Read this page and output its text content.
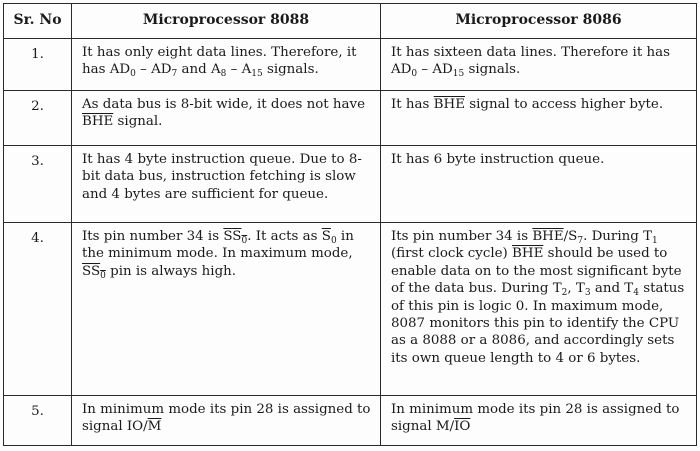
Sr. No	Microprocessor 8088	Microprocessor 8086
1.	It has only eight data lines. Therefore, it has $AD_0 - AD_7$ and $A_8 - A_{15}$ signals.	It has sixteen data lines. Therefore it has $AD_0 - AD_{15}$ signals.
2.	As data bus is 8-bit wide, it does not have $\overline{BHE}$ signal.	It has $\overline{BHE}$ signal to access higher byte.
3.	It has 4 byte instruction queue. Due to 8-bit data bus, instruction fetching is slow and 4 bytes are sufficient for queue.	It has 6 byte instruction queue.
4.	Its pin number 34 is $\overline{SS}_0$. It acts as $\overline{S}_0$ in the minimum mode. In maximum mode, $\overline{SS}_0$ pin is always high.	Its pin number 34 is $\overline{BHE}/S_7$. During $T_1$ (first clock cycle) $\overline{BHE}$ should be used to enable data on to the most significant byte of the data bus. During $T_2$, $T_3$ and $T_4$ status of this pin is logic 0. In maximum mode, 8087 monitors this pin to identify the CPU as a 8088 or a 8086, and accordingly sets its own queue length to 4 or 6 bytes.
5.	In minimum mode its pin 28 is assigned to signal $IO/\overline{M}$	In minimum mode its pin 28 is assigned to signal $M/\overline{IO}$
